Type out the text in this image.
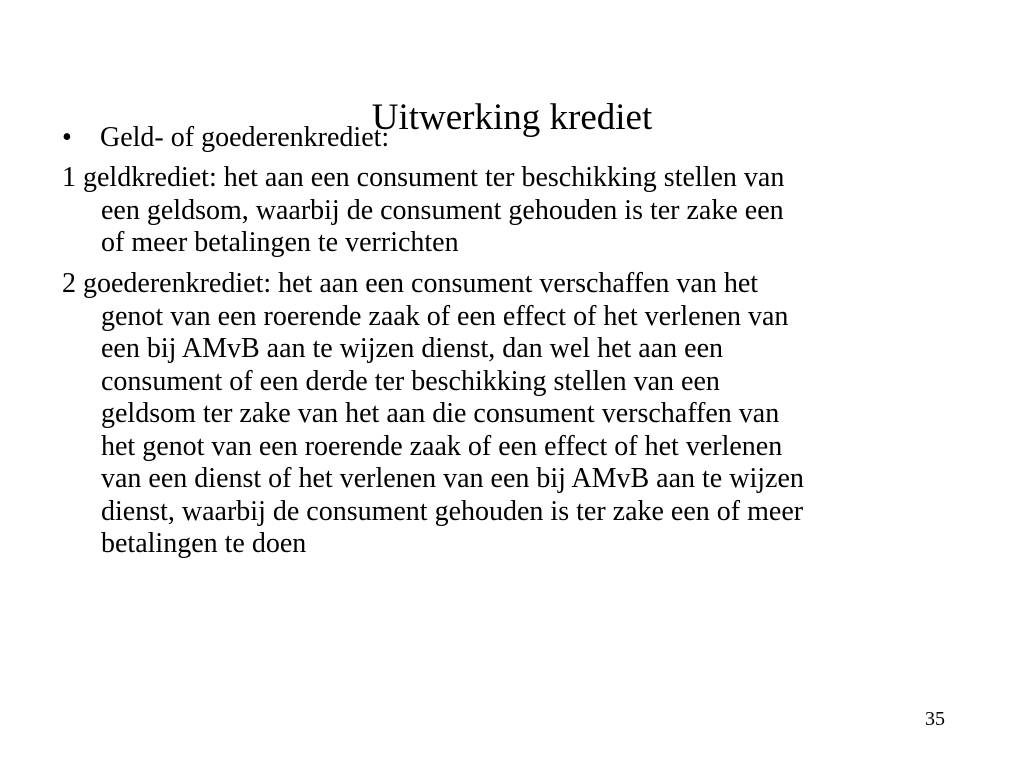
Uitwerking krediet
• Geld- of goederenkrediet:
1 geldkrediet: het aan een consument ter beschikking stellen van
een geldsom, waarbij de consument gehouden is ter zake een
of meer betalingen te verrichten
2 goederenkrediet: het aan een consument verschaffen van het
genot van een roerende zaak of een effect of het verlenen van
een bij AMvB aan te wijzen dienst, dan wel het aan een
consument of een derde ter beschikking stellen van een
geldsom ter zake van het aan die consument verschaffen van
het genot van een roerende zaak of een effect of het verlenen
van een dienst of het verlenen van een bij AMvB aan te wijzen
dienst, waarbij de consument gehouden is ter zake een of meer
betalingen te doen
35
